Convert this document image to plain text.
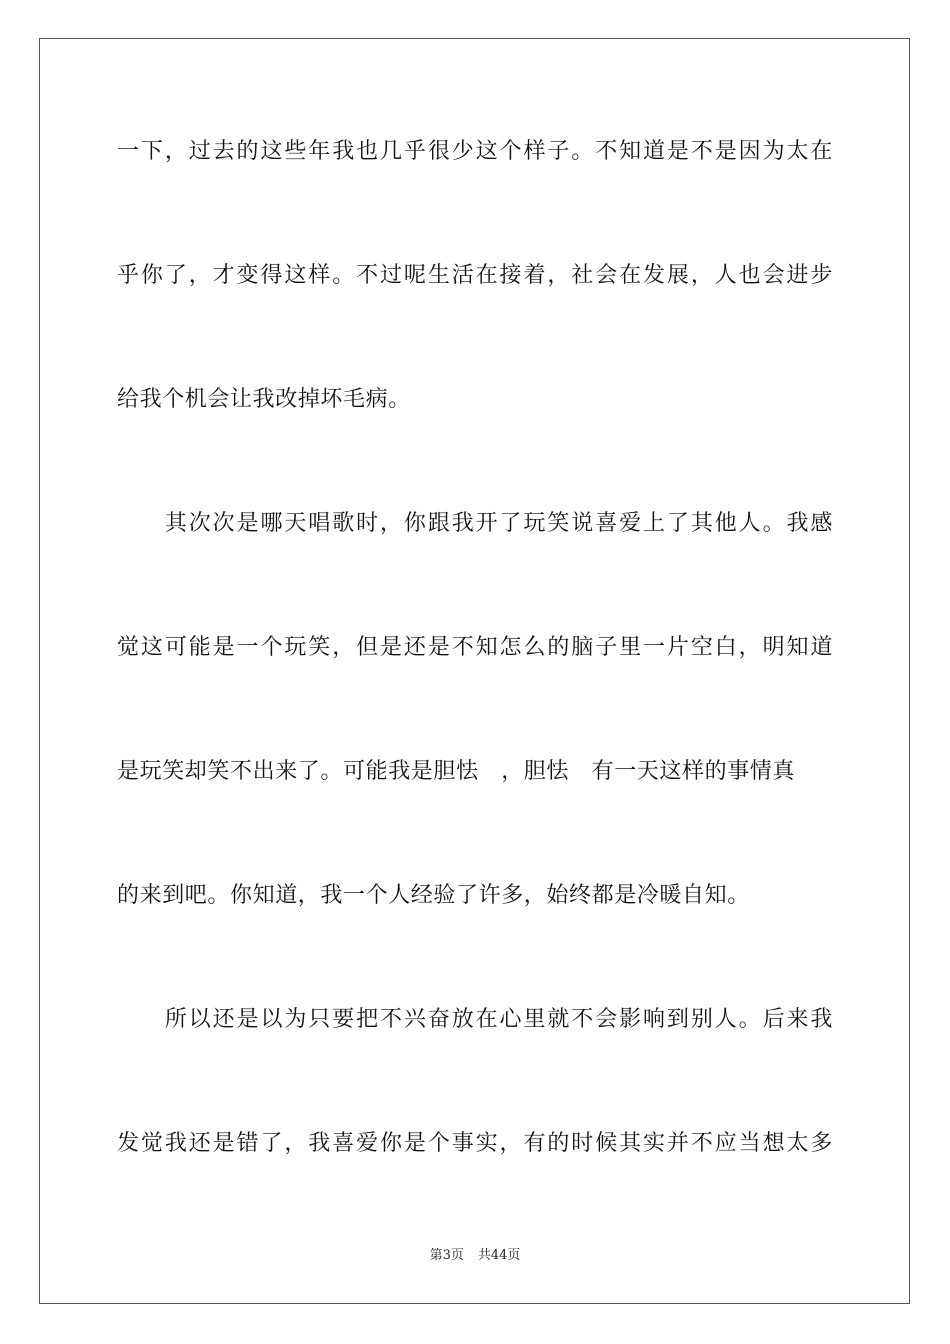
一下，过去的这些年我也几乎很少这个样子。不知道是不是因为太在
乎你了，才变得这样。不过呢生活在接着，社会在发展，人也会进步
给我个机会让我改掉坏毛病。
　　其次次是哪天唱歌时，你跟我开了玩笑说喜爱上了其他人。我感
觉这可能是一个玩笑，但是还是不知怎么的脑子里一片空白，明知道
是玩笑却笑不出来了。可能我是胆怯　，胆怯　有一天这样的事情真
的来到吧。你知道，我一个人经验了许多，始终都是冷暖自知。
　　所以还是以为只要把不兴奋放在心里就不会影响到别人。后来我
发觉我还是错了，我喜爱你是个事实，有的时候其实并不应当想太多
第3页 共44页
